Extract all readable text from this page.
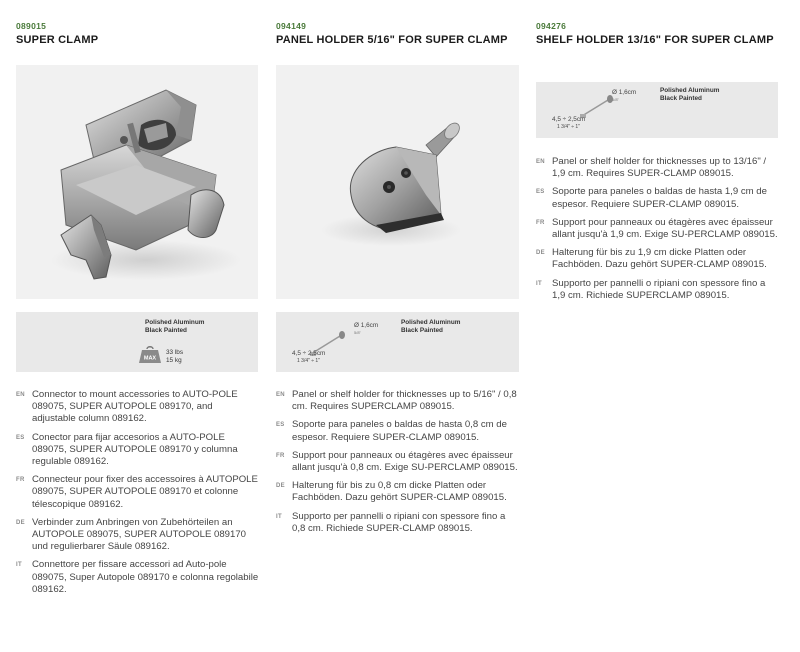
089015
SUPER CLAMP
Polished Aluminum
Black Painted
MAX
33 lbs
15 kg
EN Connector to mount accessories to AUTO-POLE 089075, SUPER AUTOPOLE 089170, and adjustable column 089162.
ES Conector para fijar accesorios a AUTO-POLE 089075, SUPER AUTOPOLE 089170 y columna regulable 089162.
FR Connecteur pour fixer des accessoires à AUTOPOLE 089075, SUPER AUTOPOLE 089170 et colonne télescopique 089162.
DE Verbinder zum Anbringen von Zubehörteilen an AUTOPOLE 089075, SUPER AUTOPOLE 089170 und regulierbarer Säule 089162.
IT	Connettore per fissare accessori ad Auto-pole 089075, Super Autopole 089170 e colonna regolabile 089162.
094149
PANEL HOLDER 5/16" FOR SUPER CLAMP
Ø 1,6cm
5/8"
4,5 ÷ 2,5cm
1 3/4" ÷ 1"
Polished Aluminum
Black Painted
EN Panel or shelf holder for thicknesses up to 5/16" / 0,8 cm. Requires SUPERCLAMP 089015.
ES Soporte para paneles o baldas de hasta 0,8 cm de espesor. Requiere SUPER-CLAMP 089015.
FR Support pour panneaux ou étagères avec épaisseur allant jusqu'à 0,8 cm. Exige SU-PERCLAMP 089015.
DE Halterung für bis zu 0,8 cm dicke Platten oder Fachböden. Dazu gehört SUPER-CLAMP 089015.
IT	Supporto per pannelli o ripiani con spessore fino a 0,8 cm. Richiede SUPER-CLAMP 089015.
094276
SHELF HOLDER 13/16" FOR SUPER CLAMP
Ø 1,6cm
5/8"
4,5 ÷ 2,5cm
1 3/4" ÷ 1"
Polished Aluminum
Black Painted
EN Panel or shelf holder for thicknesses up to 13/16" / 1,9 cm. Requires SUPER-CLAMP 089015.
ES Soporte para paneles o baldas de hasta 1,9 cm de espesor. Requiere SUPER-CLAMP 089015.
FR Support pour panneaux ou étagères avec épaisseur allant jusqu'à 1,9 cm. Exige SU-PERCLAMP 089015.
DE Halterung für bis zu 1,9 cm dicke Platten oder Fachböden. Dazu gehört SUPER-CLAMP 089015.
IT	Supporto per pannelli o ripiani con spessore fino a 1,9 cm. Richiede SUPERCLAMP 089015.
